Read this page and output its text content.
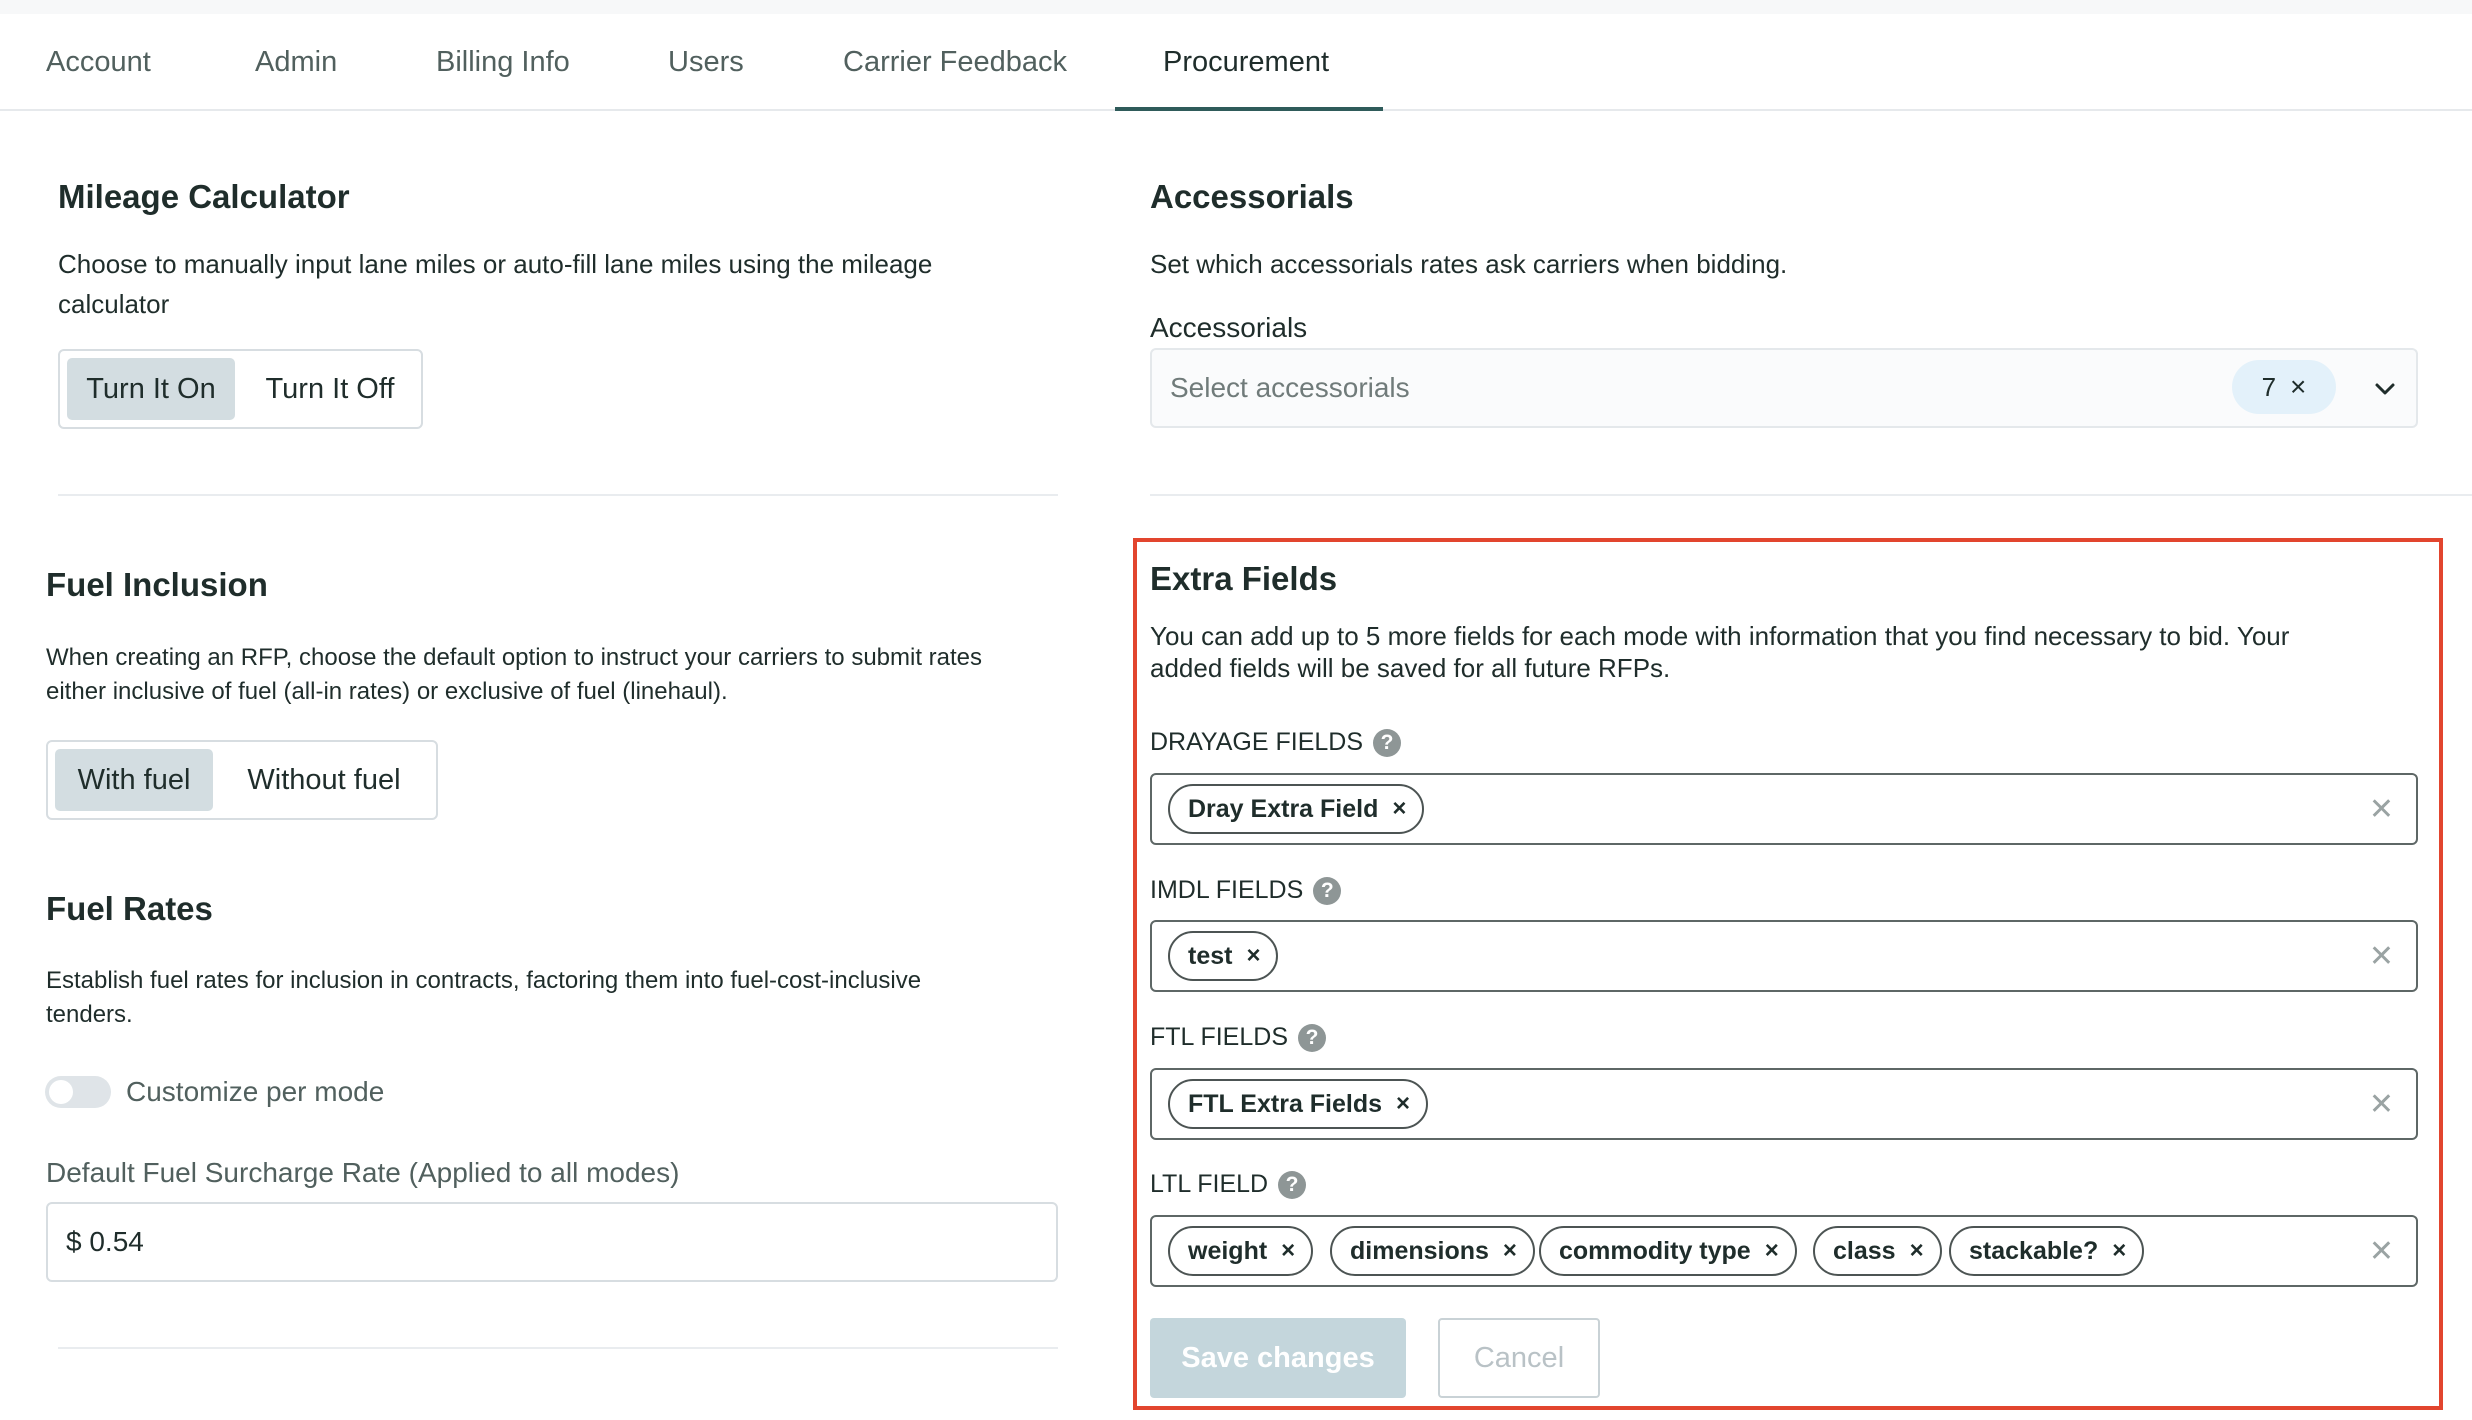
Account	Admin	Billing Info	Users	Carrier Feedback	Procurement
Mileage Calculator
Choose to manually input lane miles or auto-fill lane miles using the mileage
calculator
Turn It On	Turn It Off
Fuel Inclusion
When creating an RFP, choose the default option to instruct your carriers to submit rates
either inclusive of fuel (all-in rates) or exclusive of fuel (linehaul).
With fuel	Without fuel
Fuel Rates
Establish fuel rates for inclusion in contracts, factoring them into fuel-cost-inclusive
tenders.
Customize per mode
Default Fuel Surcharge Rate (Applied to all modes)
$ 0.54
Accessorials
Set which accessorials rates ask carriers when bidding.
Accessorials
Select accessorials	7 ×
Extra Fields
You can add up to 5 more fields for each mode with information that you find necessary to bid. Your
added fields will be saved for all future RFPs.
DRAYAGE FIELDS ?
Dray Extra Field ×	✕
IMDL FIELDS ?
test ×	✕
FTL FIELDS ?
FTL Extra Fields ×	✕
LTL FIELD ?
weight × dimensions × commodity type × class × stackable? ×	✕
Save changes	Cancel
